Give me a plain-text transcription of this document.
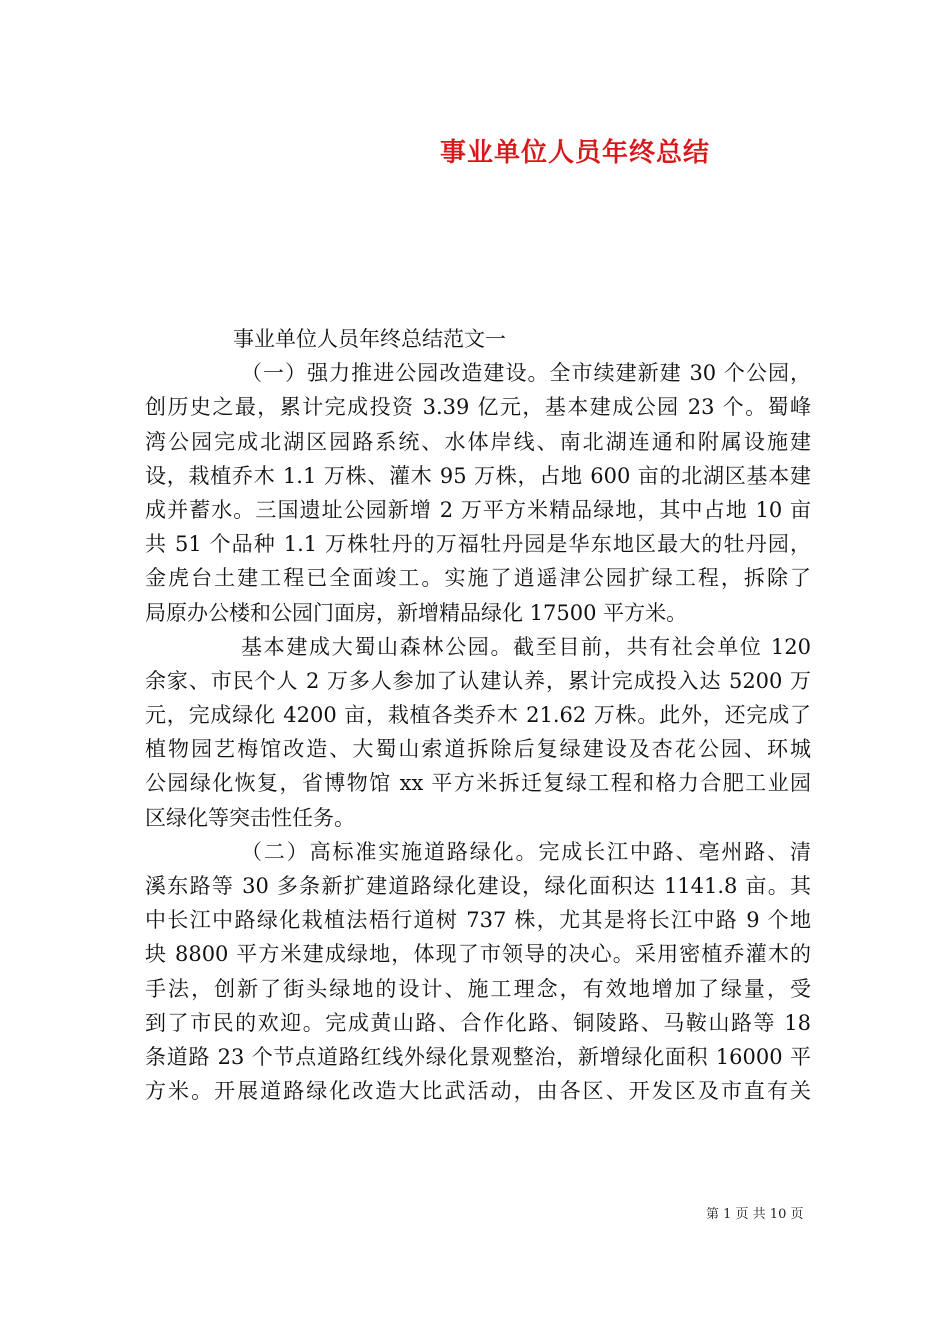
事业单位人员年终总结
事业单位人员年终总结范文一
（一）强力推进公园改造建设。全市续建新建 30 个公园，
创历史之最，累计完成投资 3.39 亿元，基本建成公园 23 个。蜀峰
湾公园完成北湖区园路系统、水体岸线、南北湖连通和附属设施建
设，栽植乔木 1.1 万株、灌木 95 万株，占地 600 亩的北湖区基本建
成并蓄水。三国遗址公园新增 2 万平方米精品绿地，其中占地 10 亩
共 51 个品种 1.1 万株牡丹的万福牡丹园是华东地区最大的牡丹园，
金虎台土建工程已全面竣工。实施了逍遥津公园扩绿工程，拆除了
局原办公楼和公园门面房，新增精品绿化 17500 平方米。
基本建成大蜀山森林公园。截至目前，共有社会单位 120
余家、市民个人 2 万多人参加了认建认养，累计完成投入达 5200 万
元，完成绿化 4200 亩，栽植各类乔木 21.62 万株。此外，还完成了
植物园艺梅馆改造、大蜀山索道拆除后复绿建设及杏花公园、环城
公园绿化恢复，省博物馆 xx 平方米拆迁复绿工程和格力合肥工业园
区绿化等突击性任务。
（二）高标准实施道路绿化。完成长江中路、亳州路、清
溪东路等 30 多条新扩建道路绿化建设，绿化面积达 1141.8 亩。其
中长江中路绿化栽植法梧行道树 737 株，尤其是将长江中路 9 个地
块 8800 平方米建成绿地，体现了市领导的决心。采用密植乔灌木的
手法，创新了街头绿地的设计、施工理念，有效地增加了绿量，受
到了市民的欢迎。完成黄山路、合作化路、铜陵路、马鞍山路等 18
条道路 23 个节点道路红线外绿化景观整治，新增绿化面积 16000 平
方米。开展道路绿化改造大比武活动，由各区、开发区及市直有关
第 1 页 共 10 页
